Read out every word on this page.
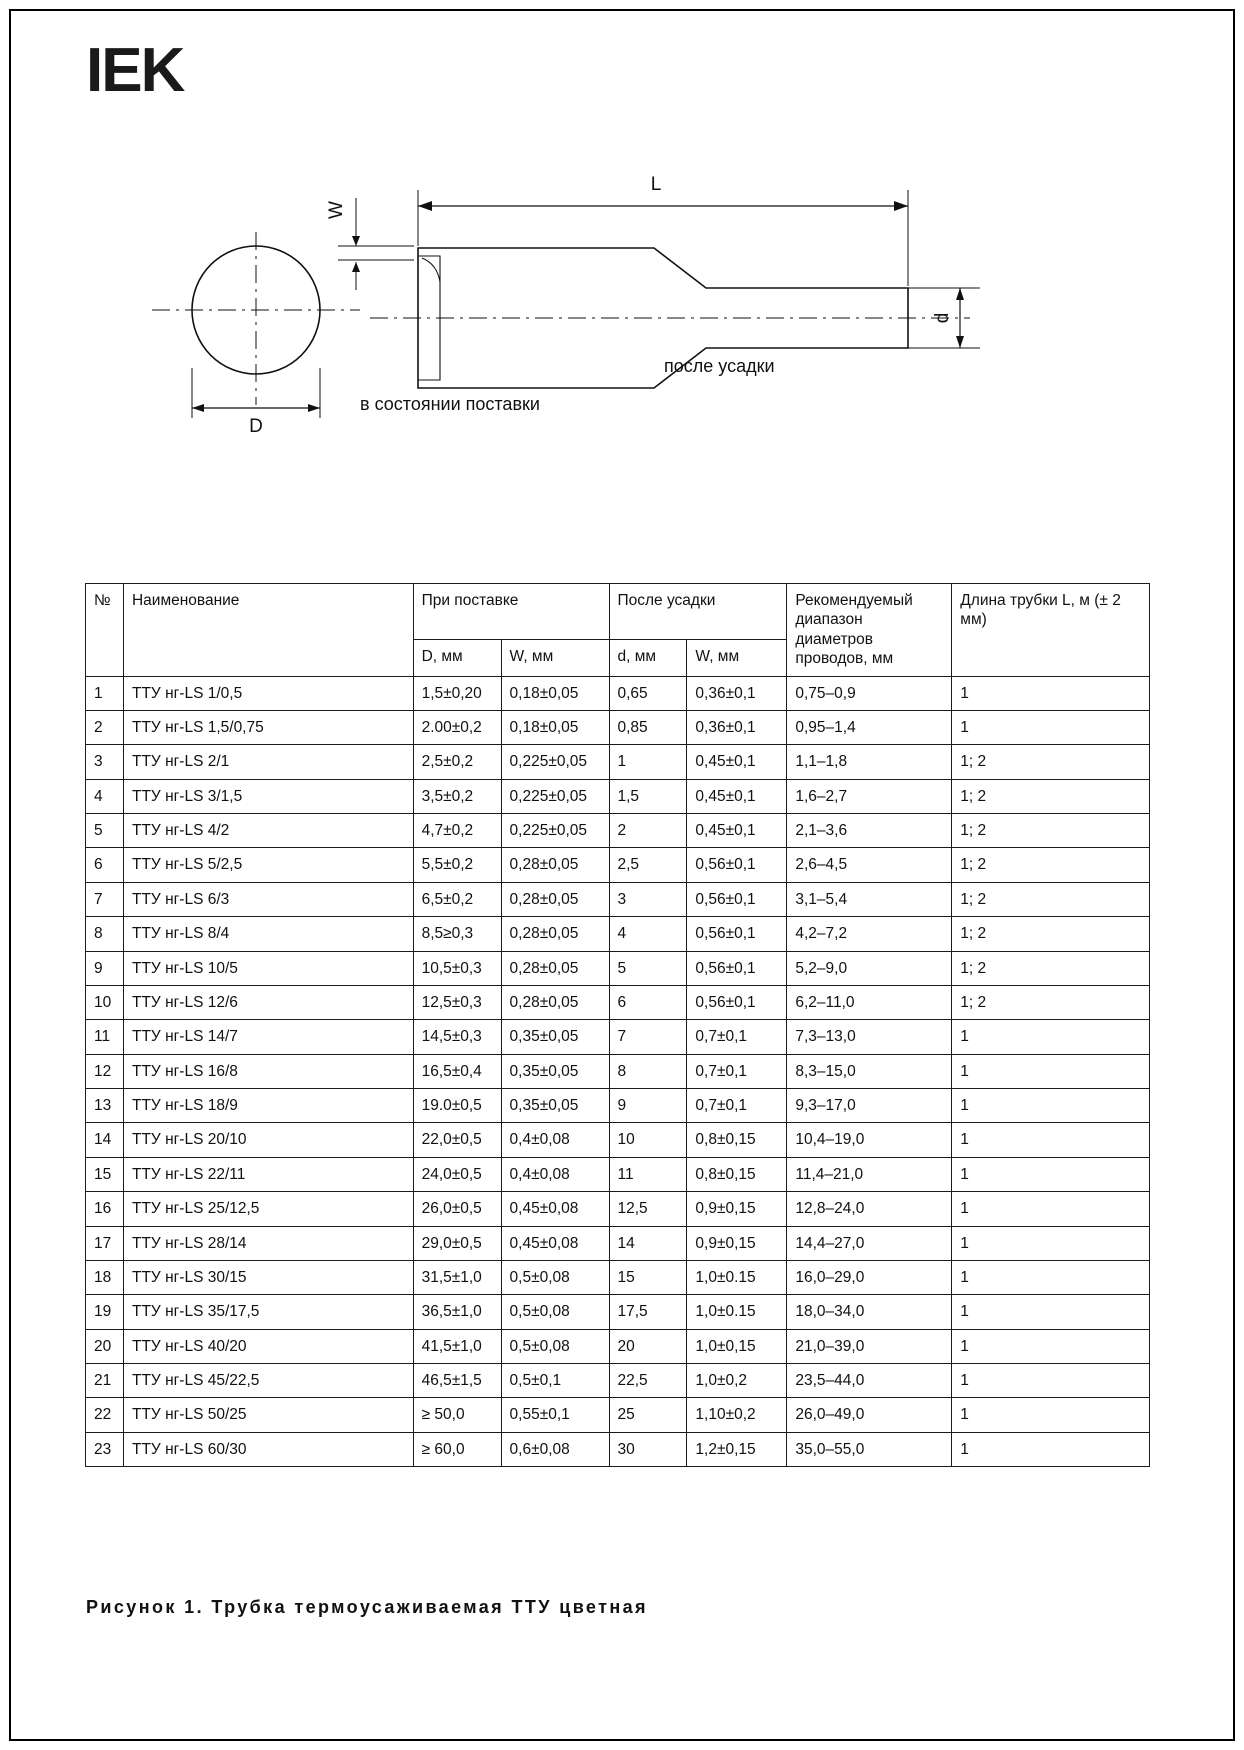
IEK
L
D
W
d
в состоянии поставки
после усадки
№	Наименование	При поставке		После усадки		Рекомендуемый диапазон диаметров проводов, мм	Длина трубки L, м (± 2 мм)
		D, мм	W, мм	d, мм	W, мм		
1	ТТУ нг-LS 1/0,5	1,5±0,20	0,18±0,05	0,65	0,36±0,1	0,75–0,9	1
2	ТТУ нг-LS 1,5/0,75	2.00±0,2	0,18±0,05	0,85	0,36±0,1	0,95–1,4	1
3	ТТУ нг-LS 2/1	2,5±0,2	0,225±0,05	1	0,45±0,1	1,1–1,8	1; 2
4	ТТУ нг-LS 3/1,5	3,5±0,2	0,225±0,05	1,5	0,45±0,1	1,6–2,7	1; 2
5	ТТУ нг-LS 4/2	4,7±0,2	0,225±0,05	2	0,45±0,1	2,1–3,6	1; 2
6	ТТУ нг-LS 5/2,5	5,5±0,2	0,28±0,05	2,5	0,56±0,1	2,6–4,5	1; 2
7	ТТУ нг-LS 6/3	6,5±0,2	0,28±0,05	3	0,56±0,1	3,1–5,4	1; 2
8	ТТУ нг-LS 8/4	8,5≥0,3	0,28±0,05	4	0,56±0,1	4,2–7,2	1; 2
9	ТТУ нг-LS 10/5	10,5±0,3	0,28±0,05	5	0,56±0,1	5,2–9,0	1; 2
10	ТТУ нг-LS 12/6	12,5±0,3	0,28±0,05	6	0,56±0,1	6,2–11,0	1; 2
11	ТТУ нг-LS 14/7	14,5±0,3	0,35±0,05	7	0,7±0,1	7,3–13,0	1
12	ТТУ нг-LS 16/8	16,5±0,4	0,35±0,05	8	0,7±0,1	8,3–15,0	1
13	ТТУ нг-LS 18/9	19.0±0,5	0,35±0,05	9	0,7±0,1	9,3–17,0	1
14	ТТУ нг-LS 20/10	22,0±0,5	0,4±0,08	10	0,8±0,15	10,4–19,0	1
15	ТТУ нг-LS 22/11	24,0±0,5	0,4±0,08	11	0,8±0,15	11,4–21,0	1
16	ТТУ нг-LS 25/12,5	26,0±0,5	0,45±0,08	12,5	0,9±0,15	12,8–24,0	1
17	ТТУ нг-LS 28/14	29,0±0,5	0,45±0,08	14	0,9±0,15	14,4–27,0	1
18	ТТУ нг-LS 30/15	31,5±1,0	0,5±0,08	15	1,0±0.15	16,0–29,0	1
19	ТТУ нг-LS 35/17,5	36,5±1,0	0,5±0,08	17,5	1,0±0.15	18,0–34,0	1
20	ТТУ нг-LS 40/20	41,5±1,0	0,5±0,08	20	1,0±0,15	21,0–39,0	1
21	ТТУ нг-LS 45/22,5	46,5±1,5	0,5±0,1	22,5	1,0±0,2	23,5–44,0	1
22	ТТУ нг-LS 50/25	≥ 50,0	0,55±0,1	25	1,10±0,2	26,0–49,0	1
23	ТТУ нг-LS 60/30	≥ 60,0	0,6±0,08	30	1,2±0,15	35,0–55,0	1
Рисунок 1. Трубка термоусаживаемая ТТУ цветная
